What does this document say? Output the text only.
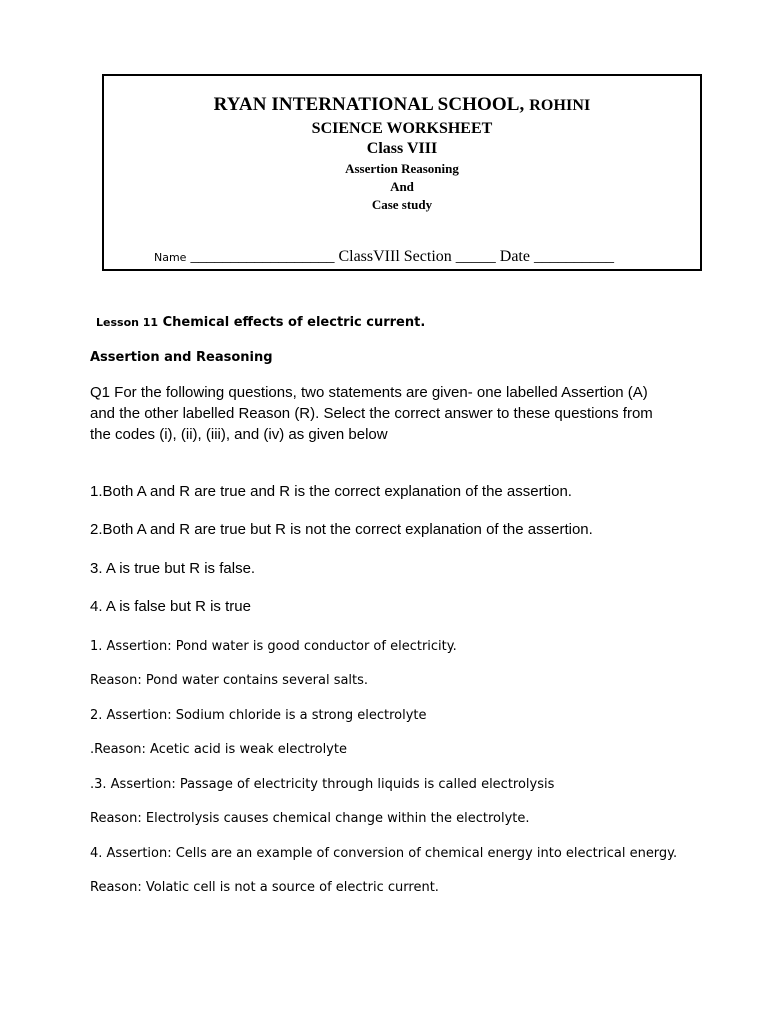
RYAN INTERNATIONAL SCHOOL, ROHINI
SCIENCE WORKSHEET
Class VIII
Assertion Reasoning
And
Case study
Name __________________ ClassVIIl Section _____ Date __________
Lesson 11 Chemical effects of electric current.
Assertion and Reasoning
Q1 For the following questions, two statements are given- one labelled Assertion (A) and the other labelled Reason (R). Select the correct answer to these questions from the codes (i), (ii), (iii), and (iv) as given below
1.Both A and R are true and R is the correct explanation of the assertion.
2.Both A and R are true but R is not the correct explanation of the assertion.
3. A is true but R is false.
4. A is false but R is true
1. Assertion: Pond water is good conductor of electricity.
Reason: Pond water contains several salts.
2. Assertion: Sodium chloride is a strong electrolyte
.Reason: Acetic acid is weak electrolyte
.3. Assertion: Passage of electricity through liquids is called electrolysis
Reason: Electrolysis causes chemical change within the electrolyte.
4. Assertion: Cells are an example of conversion of chemical energy into electrical energy.
Reason: Volatic cell is not a source of electric current.
